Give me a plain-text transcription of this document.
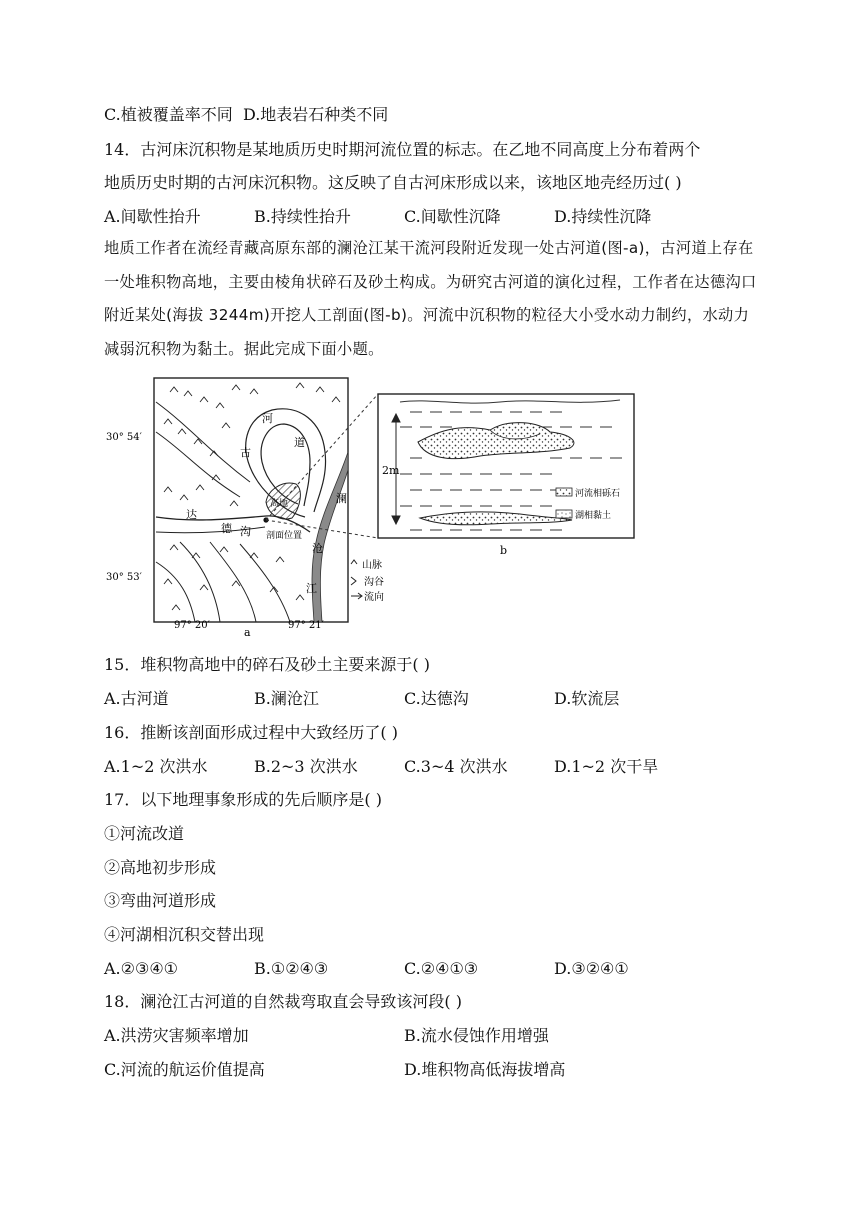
C.植被覆盖率不同 D.地表岩石种类不同
14．古河床沉积物是某地质历史时期河流位置的标志。在乙地不同高度上分布着两个
地质历史时期的古河床沉积物。这反映了自古河床形成以来，该地区地壳经历过( )
A.间歇性抬升	B.持续性抬升	C.间歇性沉降	D.持续性沉降
地质工作者在流经青藏高原东部的澜沧江某干流河段附近发现一处古河道(图-a)，古河道上存在一处堆积物高地，主要由棱角状碎石及砂土构成。为研究古河道的演化过程，工作者在达德沟口附近某处(海拔 3244m)开挖人工剖面(图-b)。河流中沉积物的粒径大小受水动力制约，水动力减弱沉积物为黏土。据此完成下面小题。
古
河
道
达
德 沟
澜
沧
江
高地
剖面位置
山脉
沟谷
流向
30° 54′
30° 53′
97° 20′	97° 21′
a
2m
河流相砾石
湖相黏土
b
15．堆积物高地中的碎石及砂土主要来源于( )
A.古河道	B.澜沧江	C.达德沟	D.软流层
16．推断该剖面形成过程中大致经历了( )
A.1~2 次洪水	B.2~3 次洪水	C.3~4 次洪水	D.1~2 次干旱
17．以下地理事象形成的先后顺序是( )
①河流改道
②高地初步形成
③弯曲河道形成
④河湖相沉积交替出现
A.②③④①	B.①②④③	C.②④①③	D.③②④①
18．澜沧江古河道的自然裁弯取直会导致该河段( )
A.洪涝灾害频率增加	B.流水侵蚀作用增强
C.河流的航运价值提高	D.堆积物高低海拔增高
